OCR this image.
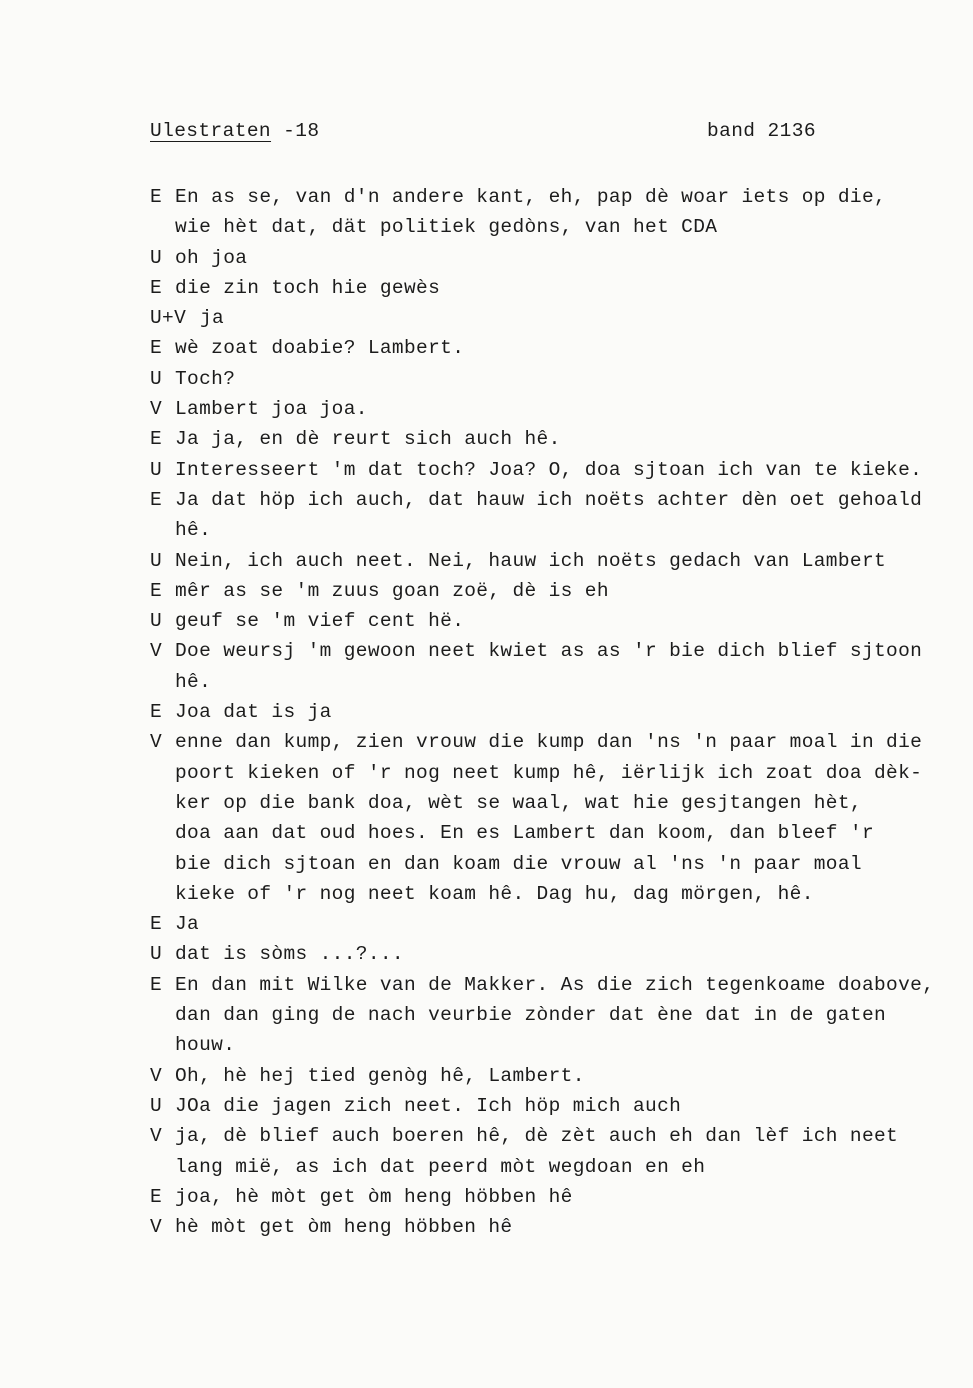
Ulestraten -18	band 2136
E En as se, van d'n andere kant, eh, pap dè woar iets op die,
wie hèt dat, dät politiek gedòns, van het CDA
U oh joa
E die zin toch hie gewès
U+V ja
E wè zoat doabie? Lambert.
U Toch?
V Lambert joa joa.
E Ja ja, en dè reurt sich auch hê.
U Interesseert 'm dat toch? Joa? O, doa sjtoan ich van te kieke.
E Ja dat höp ich auch, dat hauw ich noëts achter dèn oet gehoald
hê.
U Nein, ich auch neet. Nei, hauw ich noëts gedach van Lambert
E mêr as se 'm zuus goan zoë, dè is eh
U geuf se 'm vief cent hë.
V Doe weursj 'm gewoon neet kwiet as as 'r bie dich blief sjtoon
hê.
E Joa dat is ja
V enne dan kump, zien vrouw die kump dan 'ns 'n paar moal in die
poort kieken of 'r nog neet kump hê, iërlijk ich zoat doa dèk-
ker op die bank doa, wèt se waal, wat hie gesjtangen hèt,
doa aan dat oud hoes. En es Lambert dan koom, dan bleef 'r
bie dich sjtoan en dan koam die vrouw al 'ns 'n paar moal
kieke of 'r nog neet koam hê. Dag hu, dag mörgen, hê.
E Ja
U dat is sòms ...?...
E En dan mit Wilke van de Makker. As die zich tegenkoame doabove,
dan dan ging de nach veurbie zònder dat ène dat in de gaten
houw.
V Oh, hè hej tied genòg hê, Lambert.
U JOa die jagen zich neet. Ich höp mich auch
V ja, dè blief auch boeren hê, dè zèt auch eh dan lèf ich neet
lang mië, as ich dat peerd mòt wegdoan en eh
E joa, hè mòt get òm heng höbben hê
V hè mòt get òm heng höbben hê
